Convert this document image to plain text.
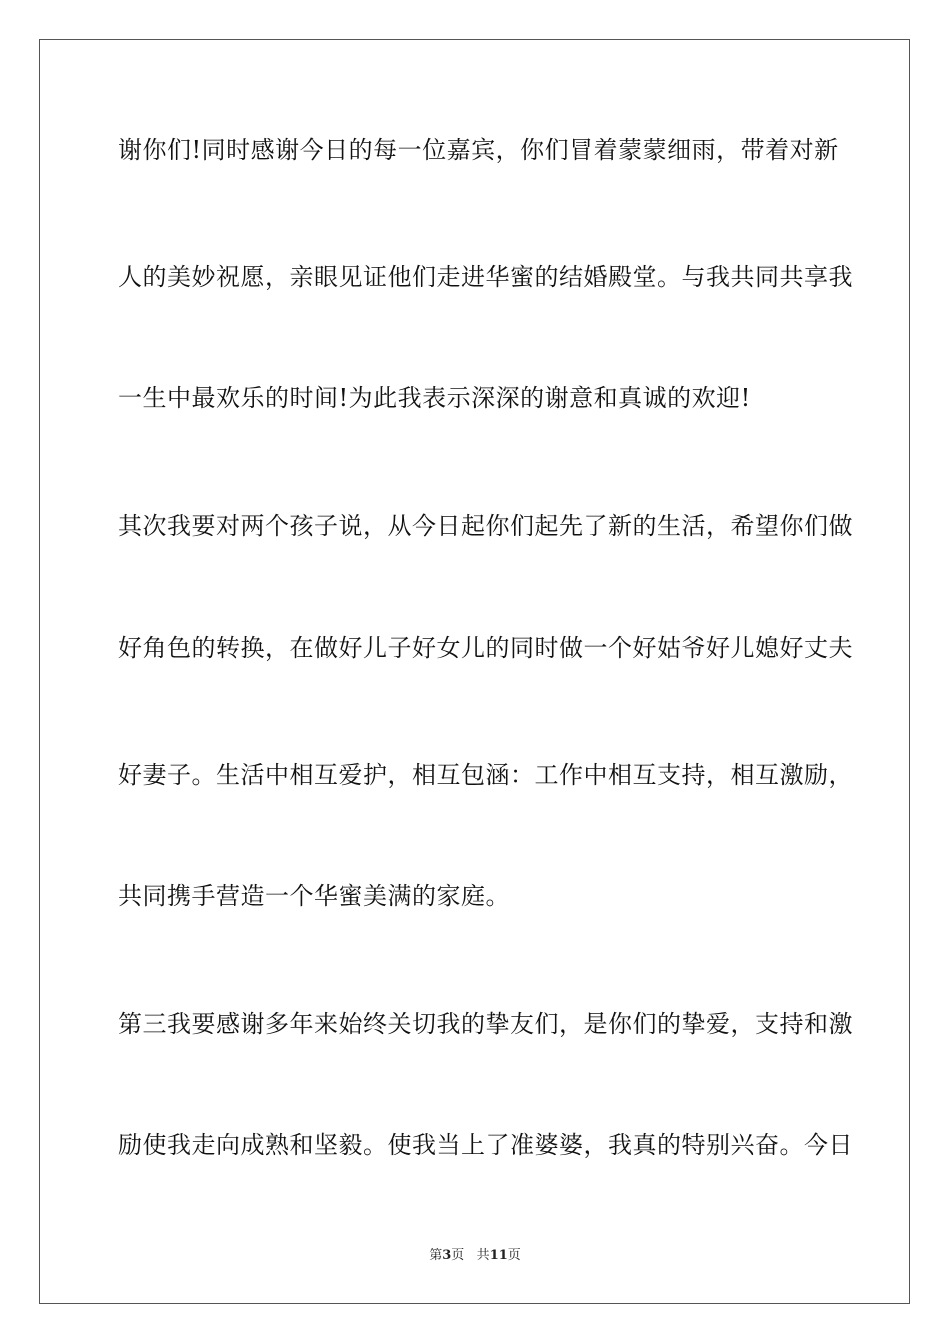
谢你们!同时感谢今日的每一位嘉宾，你们冒着蒙蒙细雨，带着对新
人的美妙祝愿，亲眼见证他们走进华蜜的结婚殿堂。与我共同共享我
一生中最欢乐的时间!为此我表示深深的谢意和真诚的欢迎!
其次我要对两个孩子说，从今日起你们起先了新的生活，希望你们做
好角色的转换，在做好儿子好女儿的同时做一个好姑爷好儿媳好丈夫
好妻子。生活中相互爱护，相互包涵：工作中相互支持，相互激励，
共同携手营造一个华蜜美满的家庭。
第三我要感谢多年来始终关切我的挚友们，是你们的挚爱，支持和激
励使我走向成熟和坚毅。使我当上了准婆婆，我真的特别兴奋。今日
第3页 共11页
